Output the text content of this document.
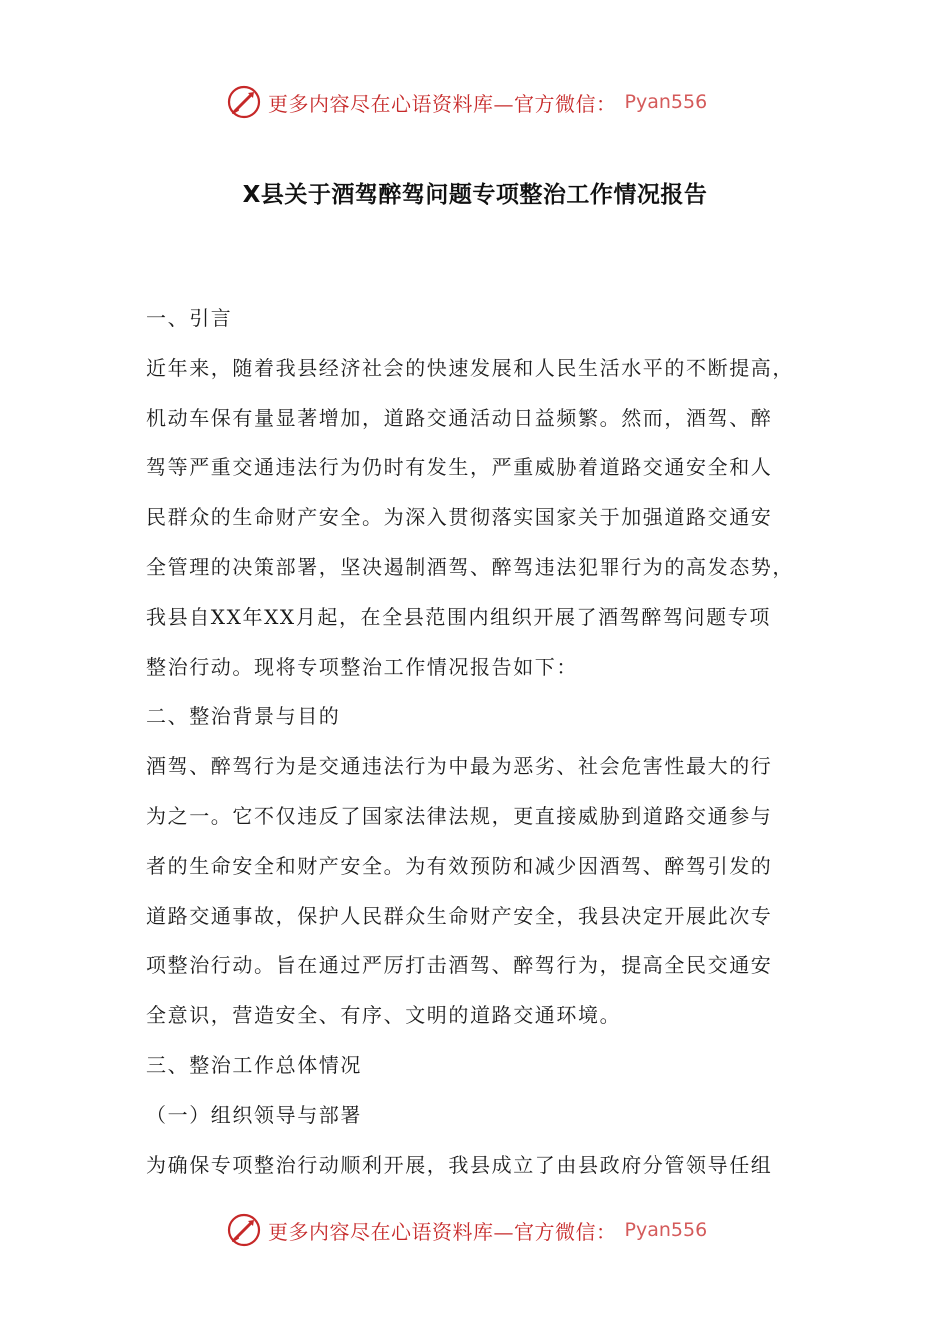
更多内容尽在心语资料库—官方微信： Pyan556
X县关于酒驾醉驾问题专项整治工作情况报告
一、引言
近年来，随着我县经济社会的快速发展和人民生活水平的不断提高，
机动车保有量显著增加，道路交通活动日益频繁。然而，酒驾、醉
驾等严重交通违法行为仍时有发生，严重威胁着道路交通安全和人
民群众的生命财产安全。为深入贯彻落实国家关于加强道路交通安
全管理的决策部署，坚决遏制酒驾、醉驾违法犯罪行为的高发态势，
我县自XX年XX月起，在全县范围内组织开展了酒驾醉驾问题专项
整治行动。现将专项整治工作情况报告如下：
二、整治背景与目的
酒驾、醉驾行为是交通违法行为中最为恶劣、社会危害性最大的行
为之一。它不仅违反了国家法律法规，更直接威胁到道路交通参与
者的生命安全和财产安全。为有效预防和减少因酒驾、醉驾引发的
道路交通事故，保护人民群众生命财产安全，我县决定开展此次专
项整治行动。旨在通过严厉打击酒驾、醉驾行为，提高全民交通安
全意识，营造安全、有序、文明的道路交通环境。
三、整治工作总体情况
（一）组织领导与部署
为确保专项整治行动顺利开展，我县成立了由县政府分管领导任组
更多内容尽在心语资料库—官方微信： Pyan556
